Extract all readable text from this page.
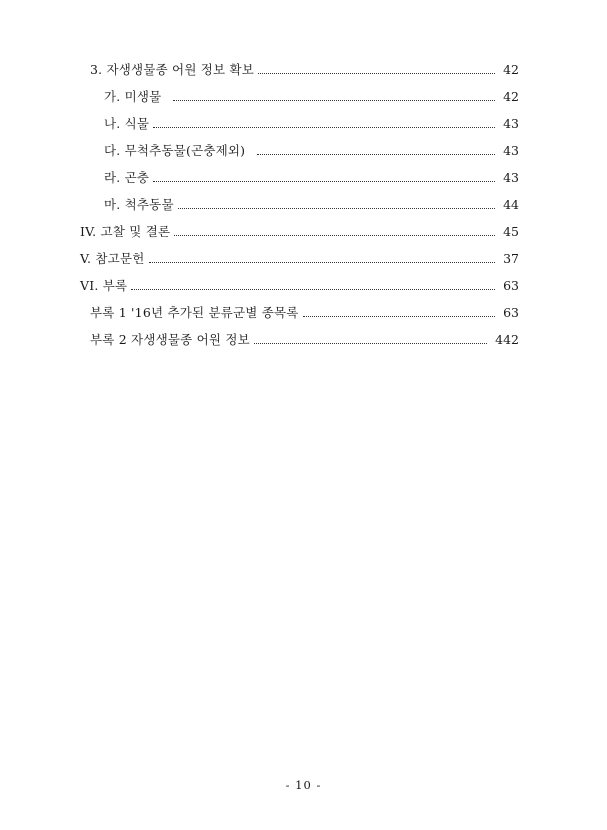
3. 자생생물종 어원 정보 확보	42
가. 미생물	42
나. 식물	43
다. 무척추동물(곤충제외)	43
라. 곤충	43
마. 척추동물	44
IV. 고찰 및 결론	45
V. 참고문헌	37
VI. 부록	63
부록 1 '16년 추가된 분류군별 종목록	63
부록 2 자생생물종 어원 정보	442
- 10 -
